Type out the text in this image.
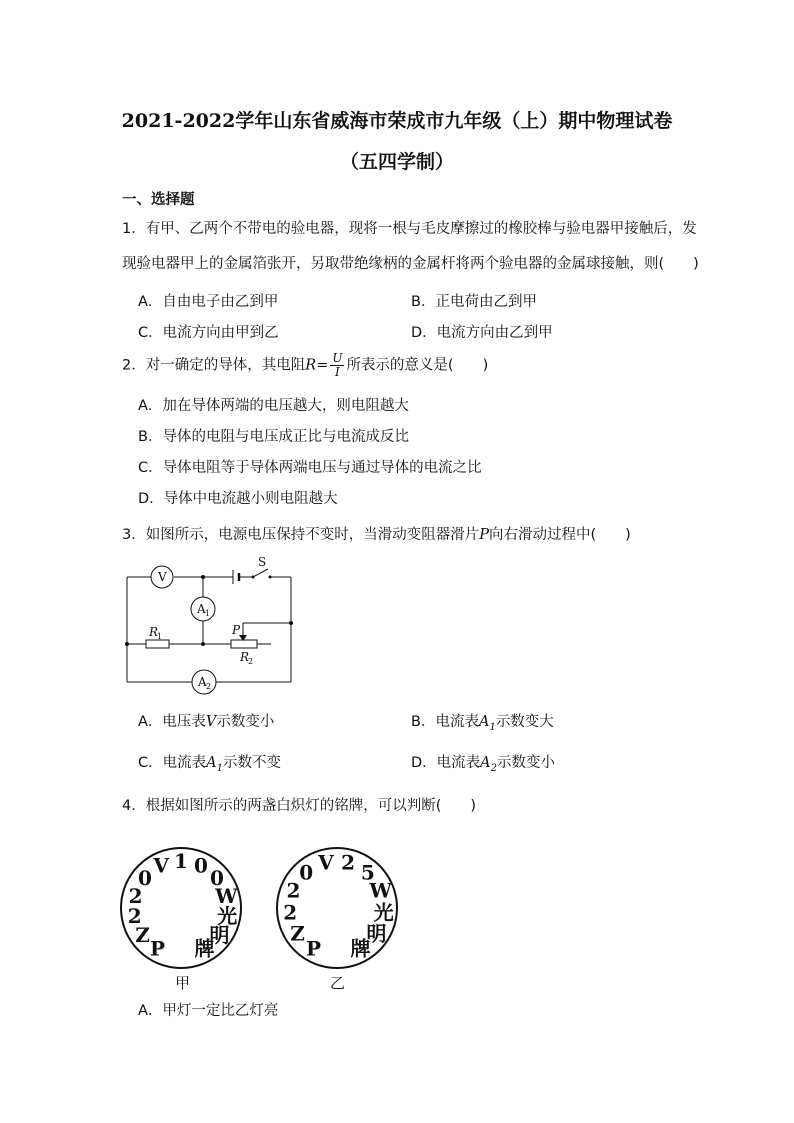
2021-2022学年山东省威海市荣成市九年级（上）期中物理试卷
（五四学制）
一、选择题
1．有甲、乙两个不带电的验电器，现将一根与毛皮摩擦过的橡胶棒与验电器甲接触后，发
现验电器甲上的金属箔张开，另取带绝缘柄的金属杆将两个验电器的金属球接触，则(　　)
A．自由电子由乙到甲	B．正电荷由乙到甲
C．电流方向由甲到乙	D．电流方向由乙到甲
2．对一确定的导体，其电阻$R= \frac{U}{I}$ 所表示的意义是(　　)
A．加在导体两端的电压越大，则电阻越大
B．导体的电阻与电压成正比与电流成反比
C．导体电阻等于导体两端电压与通过导体的电流之比
D．导体中电流越小则电阻越大
3．如图所示，电源电压保持不变时，当滑动变阻器滑片P向右滑动过程中(　　)
V
A 1
A 2
S
R
1
R
2
P
A．电压表V示数变小	B．电流表$A_1$示数变大
C．电流表$A_1$示数不变	D．电流表$A_2$示数变小
4．根据如图所示的两盏白炽灯的铭牌，可以判断(　　)
PZ220V 1 00 W 光明牌	PZ220 V 2 5 W 光明牌
甲	乙
A．甲灯一定比乙灯亮
